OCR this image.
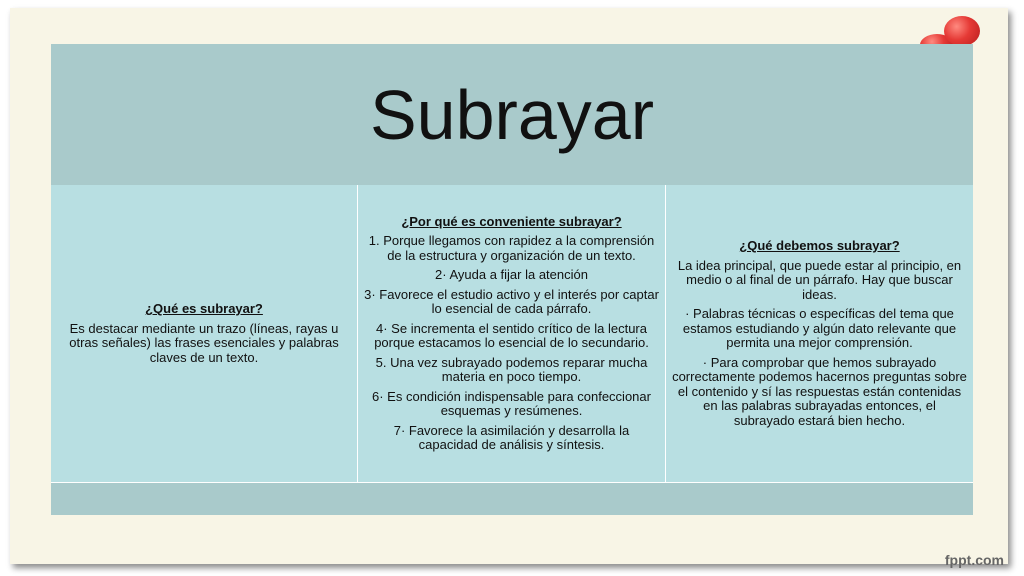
Subrayar

¿Qué es subrayar?

Es destacar mediante un trazo (líneas, rayas u otras señales) las frases esenciales y palabras claves de un texto.

¿Por qué es conveniente subrayar?

1. Porque llegamos con rapidez a la comprensión de la estructura y organización de un texto.

2· Ayuda a fijar la atención

3· Favorece el estudio activo y el interés por captar lo esencial de cada párrafo.

4· Se incrementa el sentido crítico de la lectura porque estacamos lo esencial de lo secundario.

5. Una vez subrayado podemos reparar mucha materia en poco tiempo.

6· Es condición indispensable para confeccionar esquemas y resúmenes.

7· Favorece la asimilación y desarrolla la capacidad de análisis y síntesis.

¿Qué debemos subrayar?

La idea principal, que puede estar al principio, en medio o al final de un párrafo. Hay que buscar ideas.

· Palabras técnicas o específicas del tema que estamos estudiando y algún dato relevante que permita una mejor comprensión.

· Para comprobar que hemos subrayado correctamente podemos hacernos preguntas sobre el contenido y sí las respuestas están contenidas en las palabras subrayadas entonces, el subrayado estará bien hecho.

fppt.com
